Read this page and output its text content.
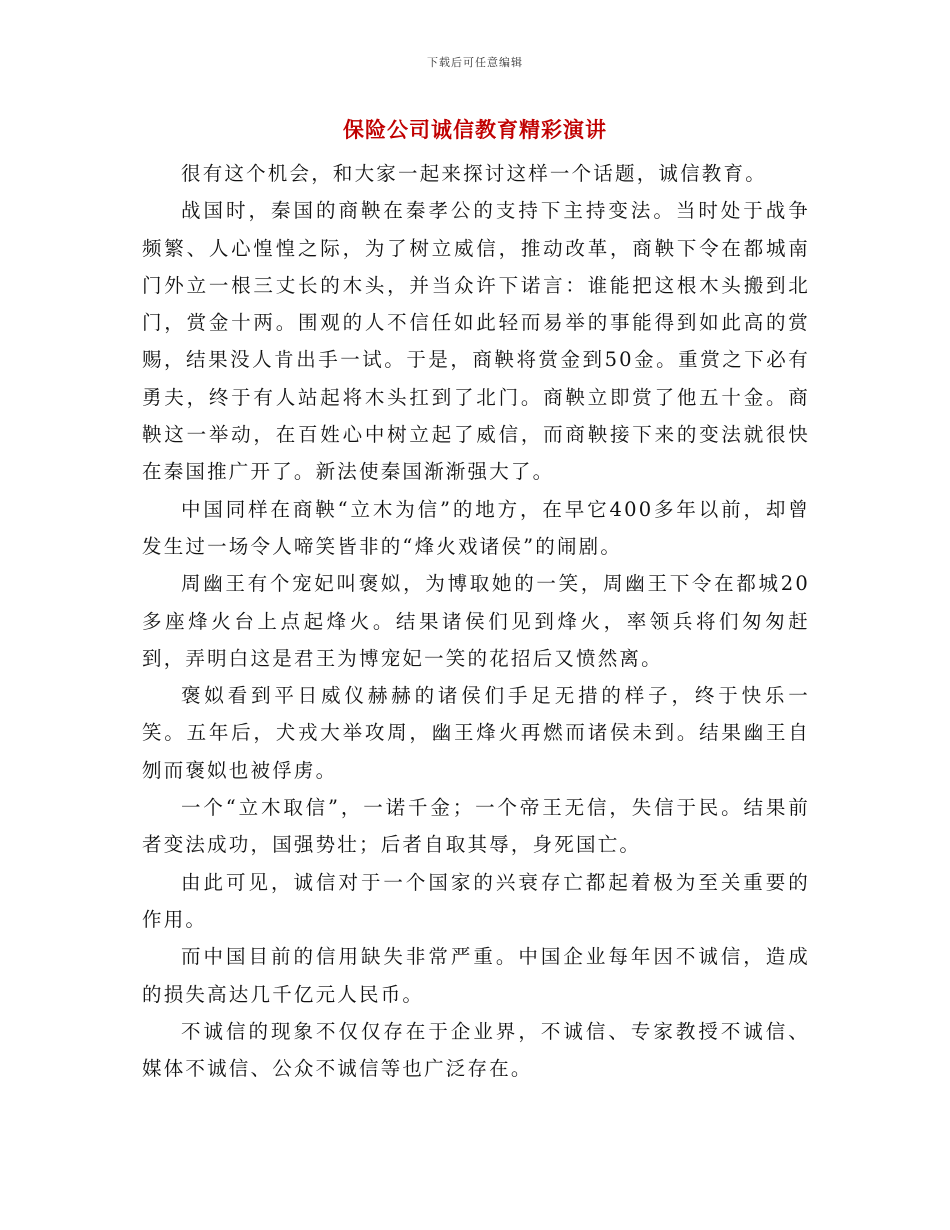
下载后可任意编辑
保险公司诚信教育精彩演讲

很有这个机会，和大家一起来探讨这样一个话题，诚信教育。

战国时，秦国的商鞅在秦孝公的支持下主持变法。当时处于战争频繁、人心惶惶之际，为了树立威信，推动改革，商鞅下令在都城南门外立一根三丈长的木头，并当众许下诺言：谁能把这根木头搬到北门，赏金十两。围观的人不信任如此轻而易举的事能得到如此高的赏赐，结果没人肯出手一试。于是，商鞅将赏金到50金。重赏之下必有勇夫，终于有人站起将木头扛到了北门。商鞅立即赏了他五十金。商鞅这一举动，在百姓心中树立起了威信，而商鞅接下来的变法就很快在秦国推广开了。新法使秦国渐渐强大了。

中国同样在商鞅“立木为信”的地方，在早它400多年以前，却曾发生过一场令人啼笑皆非的“烽火戏诸侯”的闹剧。

周幽王有个宠妃叫褒姒，为博取她的一笑，周幽王下令在都城20多座烽火台上点起烽火。结果诸侯们见到烽火，率领兵将们匆匆赶到，弄明白这是君王为博宠妃一笑的花招后又愤然离。

褒姒看到平日威仪赫赫的诸侯们手足无措的样子，终于快乐一笑。五年后，犬戎大举攻周，幽王烽火再燃而诸侯未到。结果幽王自刎而褒姒也被俘虏。

一个“立木取信”，一诺千金；一个帝王无信，失信于民。结果前者变法成功，国强势壮；后者自取其辱，身死国亡。

由此可见，诚信对于一个国家的兴衰存亡都起着极为至关重要的作用。

而中国目前的信用缺失非常严重。中国企业每年因不诚信，造成的损失高达几千亿元人民币。

不诚信的现象不仅仅存在于企业界，不诚信、专家教授不诚信、媒体不诚信、公众不诚信等也广泛存在。
